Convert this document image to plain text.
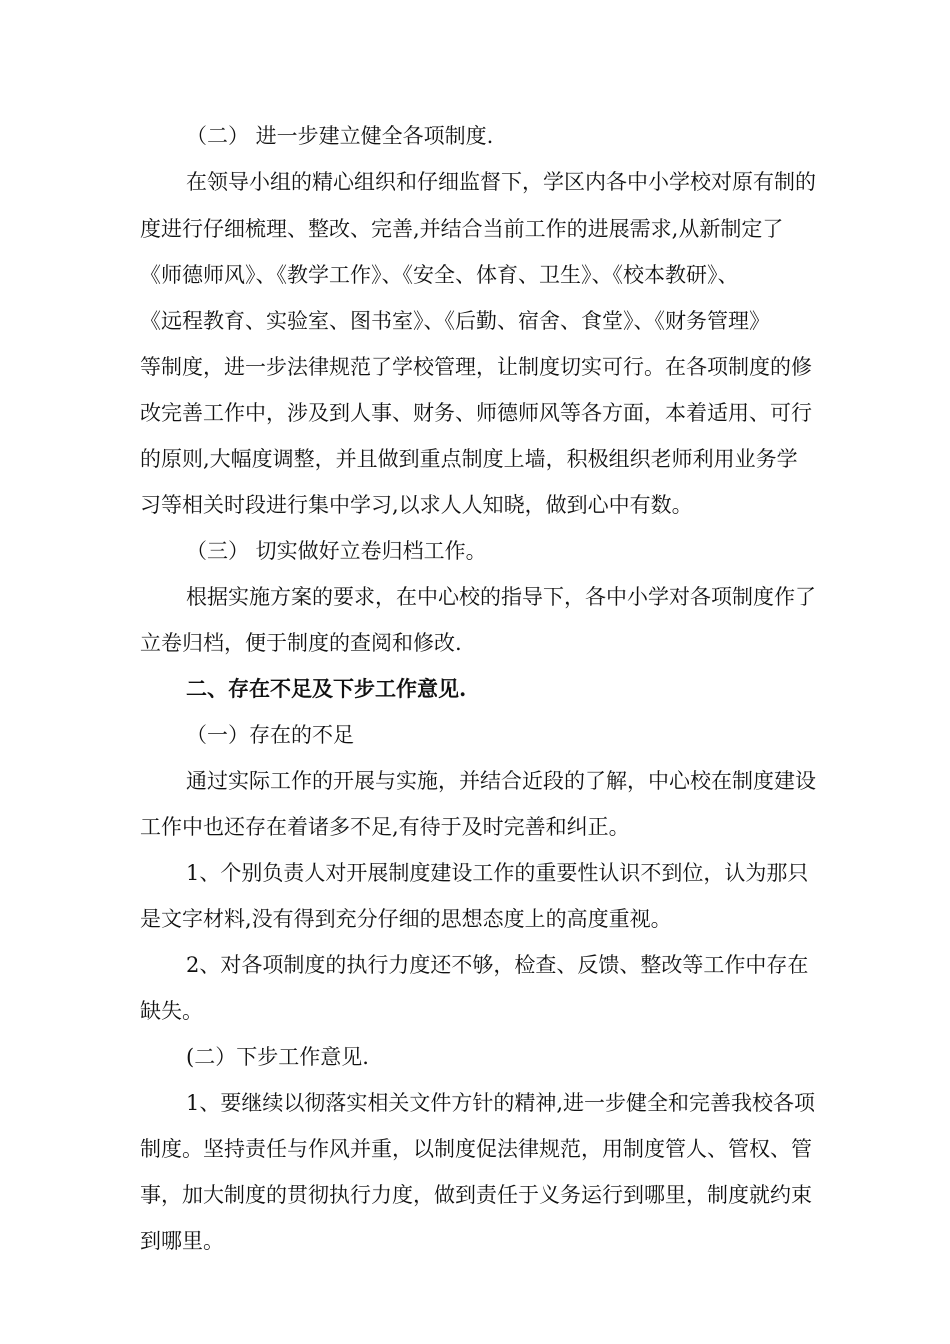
（二） 进一步建立健全各项制度.
在领导小组的精心组织和仔细监督下，学区内各中小学校对原有制的
度进行仔细梳理、整改、完善,并结合当前工作的进展需求,从新制定了
《师德师风》、《教学工作》、《安全、体育、卫生》、《校本教研》、
《远程教育、实验室、图书室》、《后勤、宿舍、食堂》、《财务管理》
等制度，进一步法律规范了学校管理，让制度切实可行。在各项制度的修
改完善工作中，涉及到人事、财务、师德师风等各方面，本着适用、可行
的原则,大幅度调整，并且做到重点制度上墙，积极组织老师利用业务学
习等相关时段进行集中学习,以求人人知晓，做到心中有数。
（三） 切实做好立卷归档工作。
根据实施方案的要求，在中心校的指导下，各中小学对各项制度作了
立卷归档，便于制度的查阅和修改.
二、存在不足及下步工作意见.
（一）存在的不足
通过实际工作的开展与实施，并结合近段的了解，中心校在制度建设
工作中也还存在着诸多不足,有待于及时完善和纠正。
1、个别负责人对开展制度建设工作的重要性认识不到位，认为那只
是文字材料,没有得到充分仔细的思想态度上的高度重视。
2、对各项制度的执行力度还不够，检查、反馈、整改等工作中存在
缺失。
(二）下步工作意见.
1、要继续以彻落实相关文件方针的精神,进一步健全和完善我校各项
制度。坚持责任与作风并重，以制度促法律规范，用制度管人、管权、管
事，加大制度的贯彻执行力度，做到责任于义务运行到哪里，制度就约束
到哪里。
